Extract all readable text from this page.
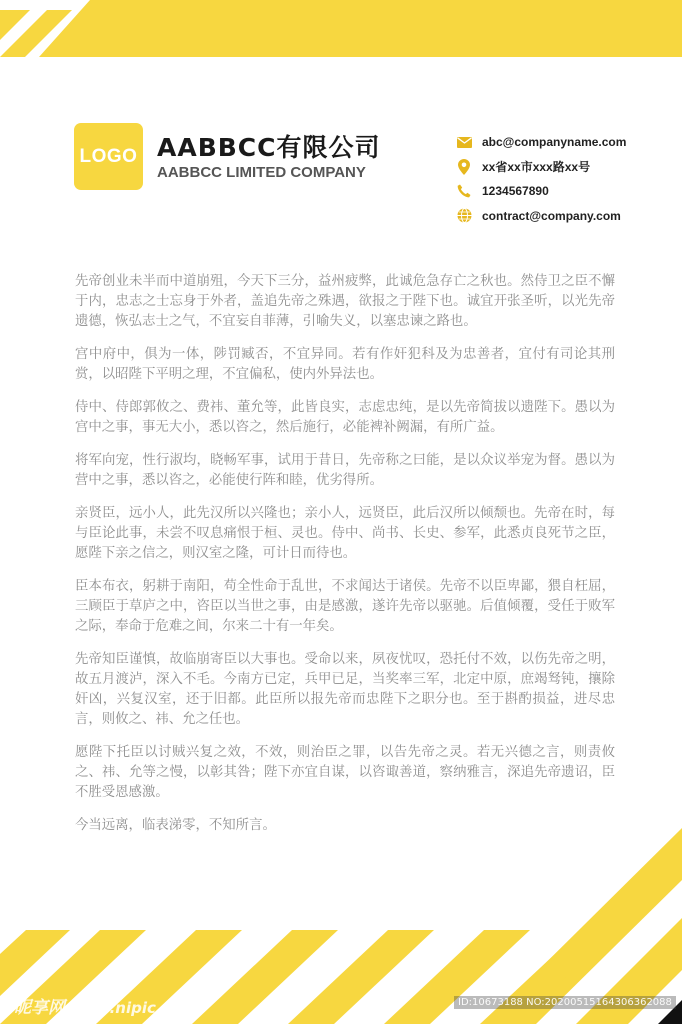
LOGO AABBCC有限公司
AABBCC LIMITED COMPANY
abc@companyname.com
xx省xx市xxx路xx号
1234567890
contract@company.com

先帝创业未半而中道崩殂，今天下三分，益州疲弊，此诚危急存亡之秋也。然侍卫之臣不懈于内，忠志之士忘身于外者，盖追先帝之殊遇，欲报之于陛下也。诚宜开张圣听，以光先帝遗德，恢弘志士之气，不宜妄自菲薄，引喻失义，以塞忠谏之路也。

宫中府中，俱为一体，陟罚臧否，不宜异同。若有作奸犯科及为忠善者，宜付有司论其刑赏，以昭陛下平明之理，不宜偏私，使内外异法也。

侍中、侍郎郭攸之、费祎、董允等，此皆良实，志虑忠纯，是以先帝简拔以遗陛下。愚以为宫中之事，事无大小，悉以咨之，然后施行，必能裨补阙漏，有所广益。

将军向宠，性行淑均，晓畅军事，试用于昔日，先帝称之曰能，是以众议举宠为督。愚以为营中之事，悉以咨之，必能使行阵和睦，优劣得所。

亲贤臣，远小人，此先汉所以兴隆也；亲小人，远贤臣，此后汉所以倾颓也。先帝在时，每与臣论此事，未尝不叹息痛恨于桓、灵也。侍中、尚书、长史、参军，此悉贞良死节之臣，愿陛下亲之信之，则汉室之隆，可计日而待也。

臣本布衣，躬耕于南阳，苟全性命于乱世，不求闻达于诸侯。先帝不以臣卑鄙，猥自枉屈，三顾臣于草庐之中，咨臣以当世之事，由是感激，遂许先帝以驱驰。后值倾覆，受任于败军之际，奉命于危难之间，尔来二十有一年矣。

先帝知臣谨慎，故临崩寄臣以大事也。受命以来，夙夜忧叹，恐托付不效，以伤先帝之明，故五月渡泸，深入不毛。今南方已定，兵甲已足，当奖率三军，北定中原，庶竭驽钝，攘除奸凶，兴复汉室，还于旧都。此臣所以报先帝而忠陛下之职分也。至于斟酌损益，进尽忠言，则攸之、祎、允之任也。

愿陛下托臣以讨贼兴复之效，不效，则治臣之罪，以告先帝之灵。若无兴德之言，则责攸之、祎、允等之慢，以彰其咎；陛下亦宜自谋，以咨诹善道，察纳雅言，深追先帝遗诏，臣不胜受恩感激。

今当远离，临表涕零，不知所言。

昵享网 www.nipic.com	ID:10673188 NO:20200515164306362088
